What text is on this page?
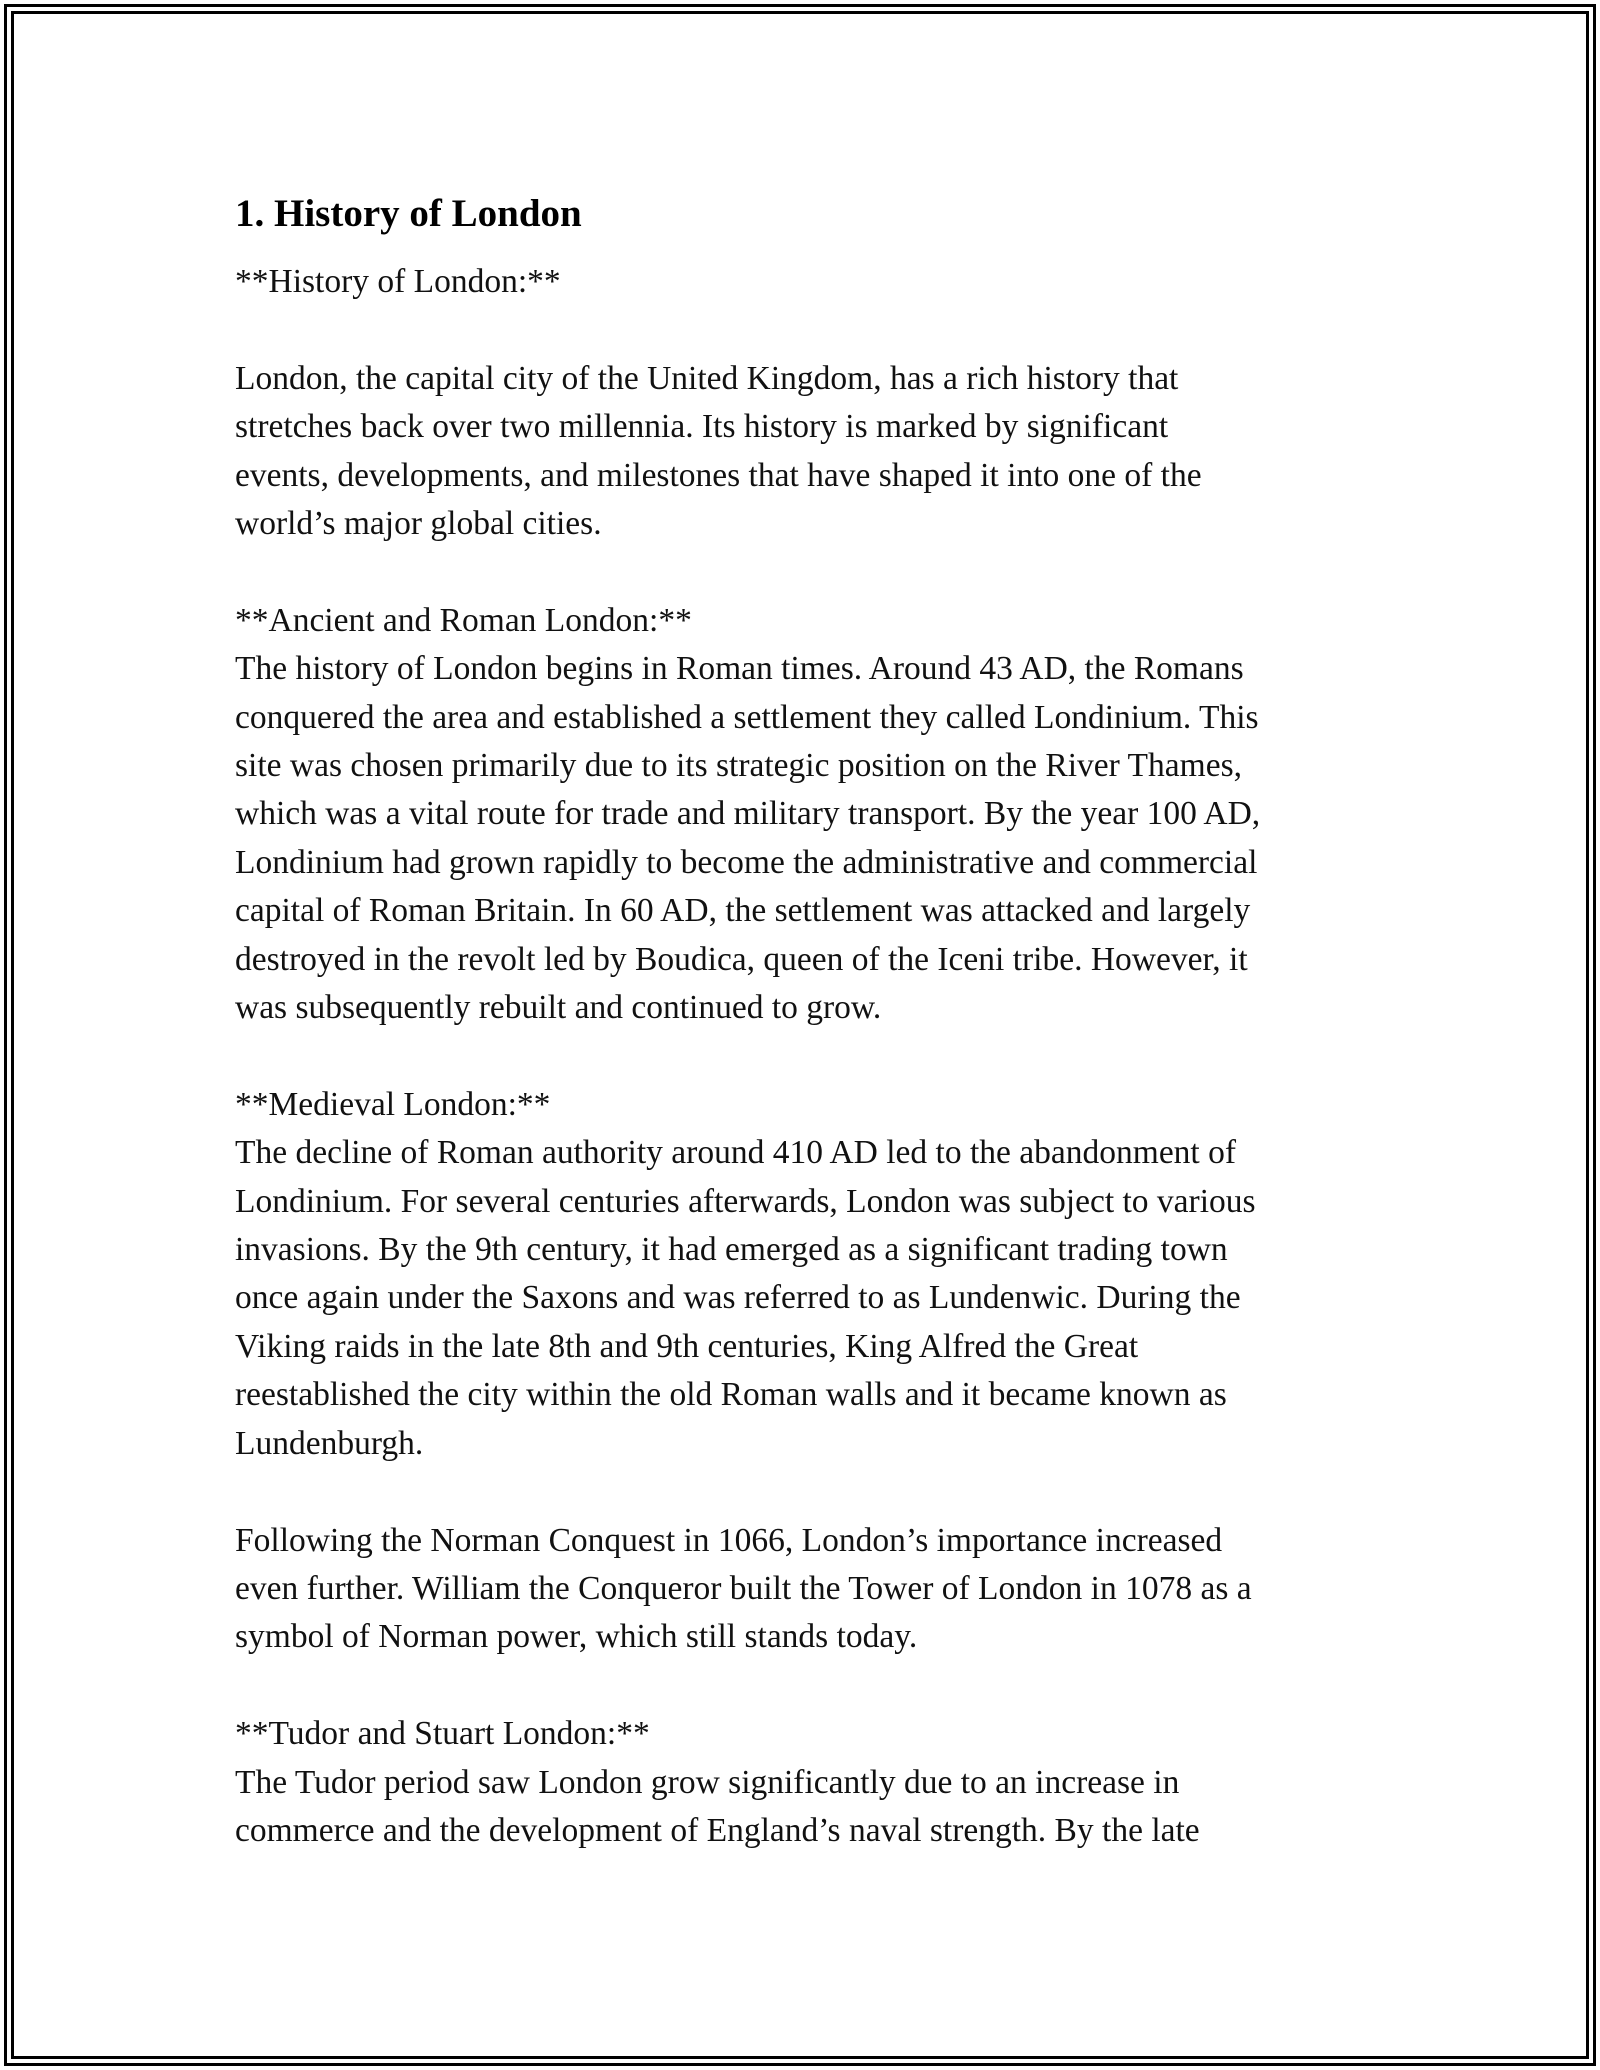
1. History of London
**History of London:**
London, the capital city of the United Kingdom, has a rich history that
stretches back over two millennia. Its history is marked by significant
events, developments, and milestones that have shaped it into one of the
world’s major global cities.
**Ancient and Roman London:**
The history of London begins in Roman times. Around 43 AD, the Romans
conquered the area and established a settlement they called Londinium. This
site was chosen primarily due to its strategic position on the River Thames,
which was a vital route for trade and military transport. By the year 100 AD,
Londinium had grown rapidly to become the administrative and commercial
capital of Roman Britain. In 60 AD, the settlement was attacked and largely
destroyed in the revolt led by Boudica, queen of the Iceni tribe. However, it
was subsequently rebuilt and continued to grow.
**Medieval London:**
The decline of Roman authority around 410 AD led to the abandonment of
Londinium. For several centuries afterwards, London was subject to various
invasions. By the 9th century, it had emerged as a significant trading town
once again under the Saxons and was referred to as Lundenwic. During the
Viking raids in the late 8th and 9th centuries, King Alfred the Great
reestablished the city within the old Roman walls and it became known as
Lundenburgh.
Following the Norman Conquest in 1066, London’s importance increased
even further. William the Conqueror built the Tower of London in 1078 as a
symbol of Norman power, which still stands today.
**Tudor and Stuart London:**
The Tudor period saw London grow significantly due to an increase in
commerce and the development of England’s naval strength. By the late
